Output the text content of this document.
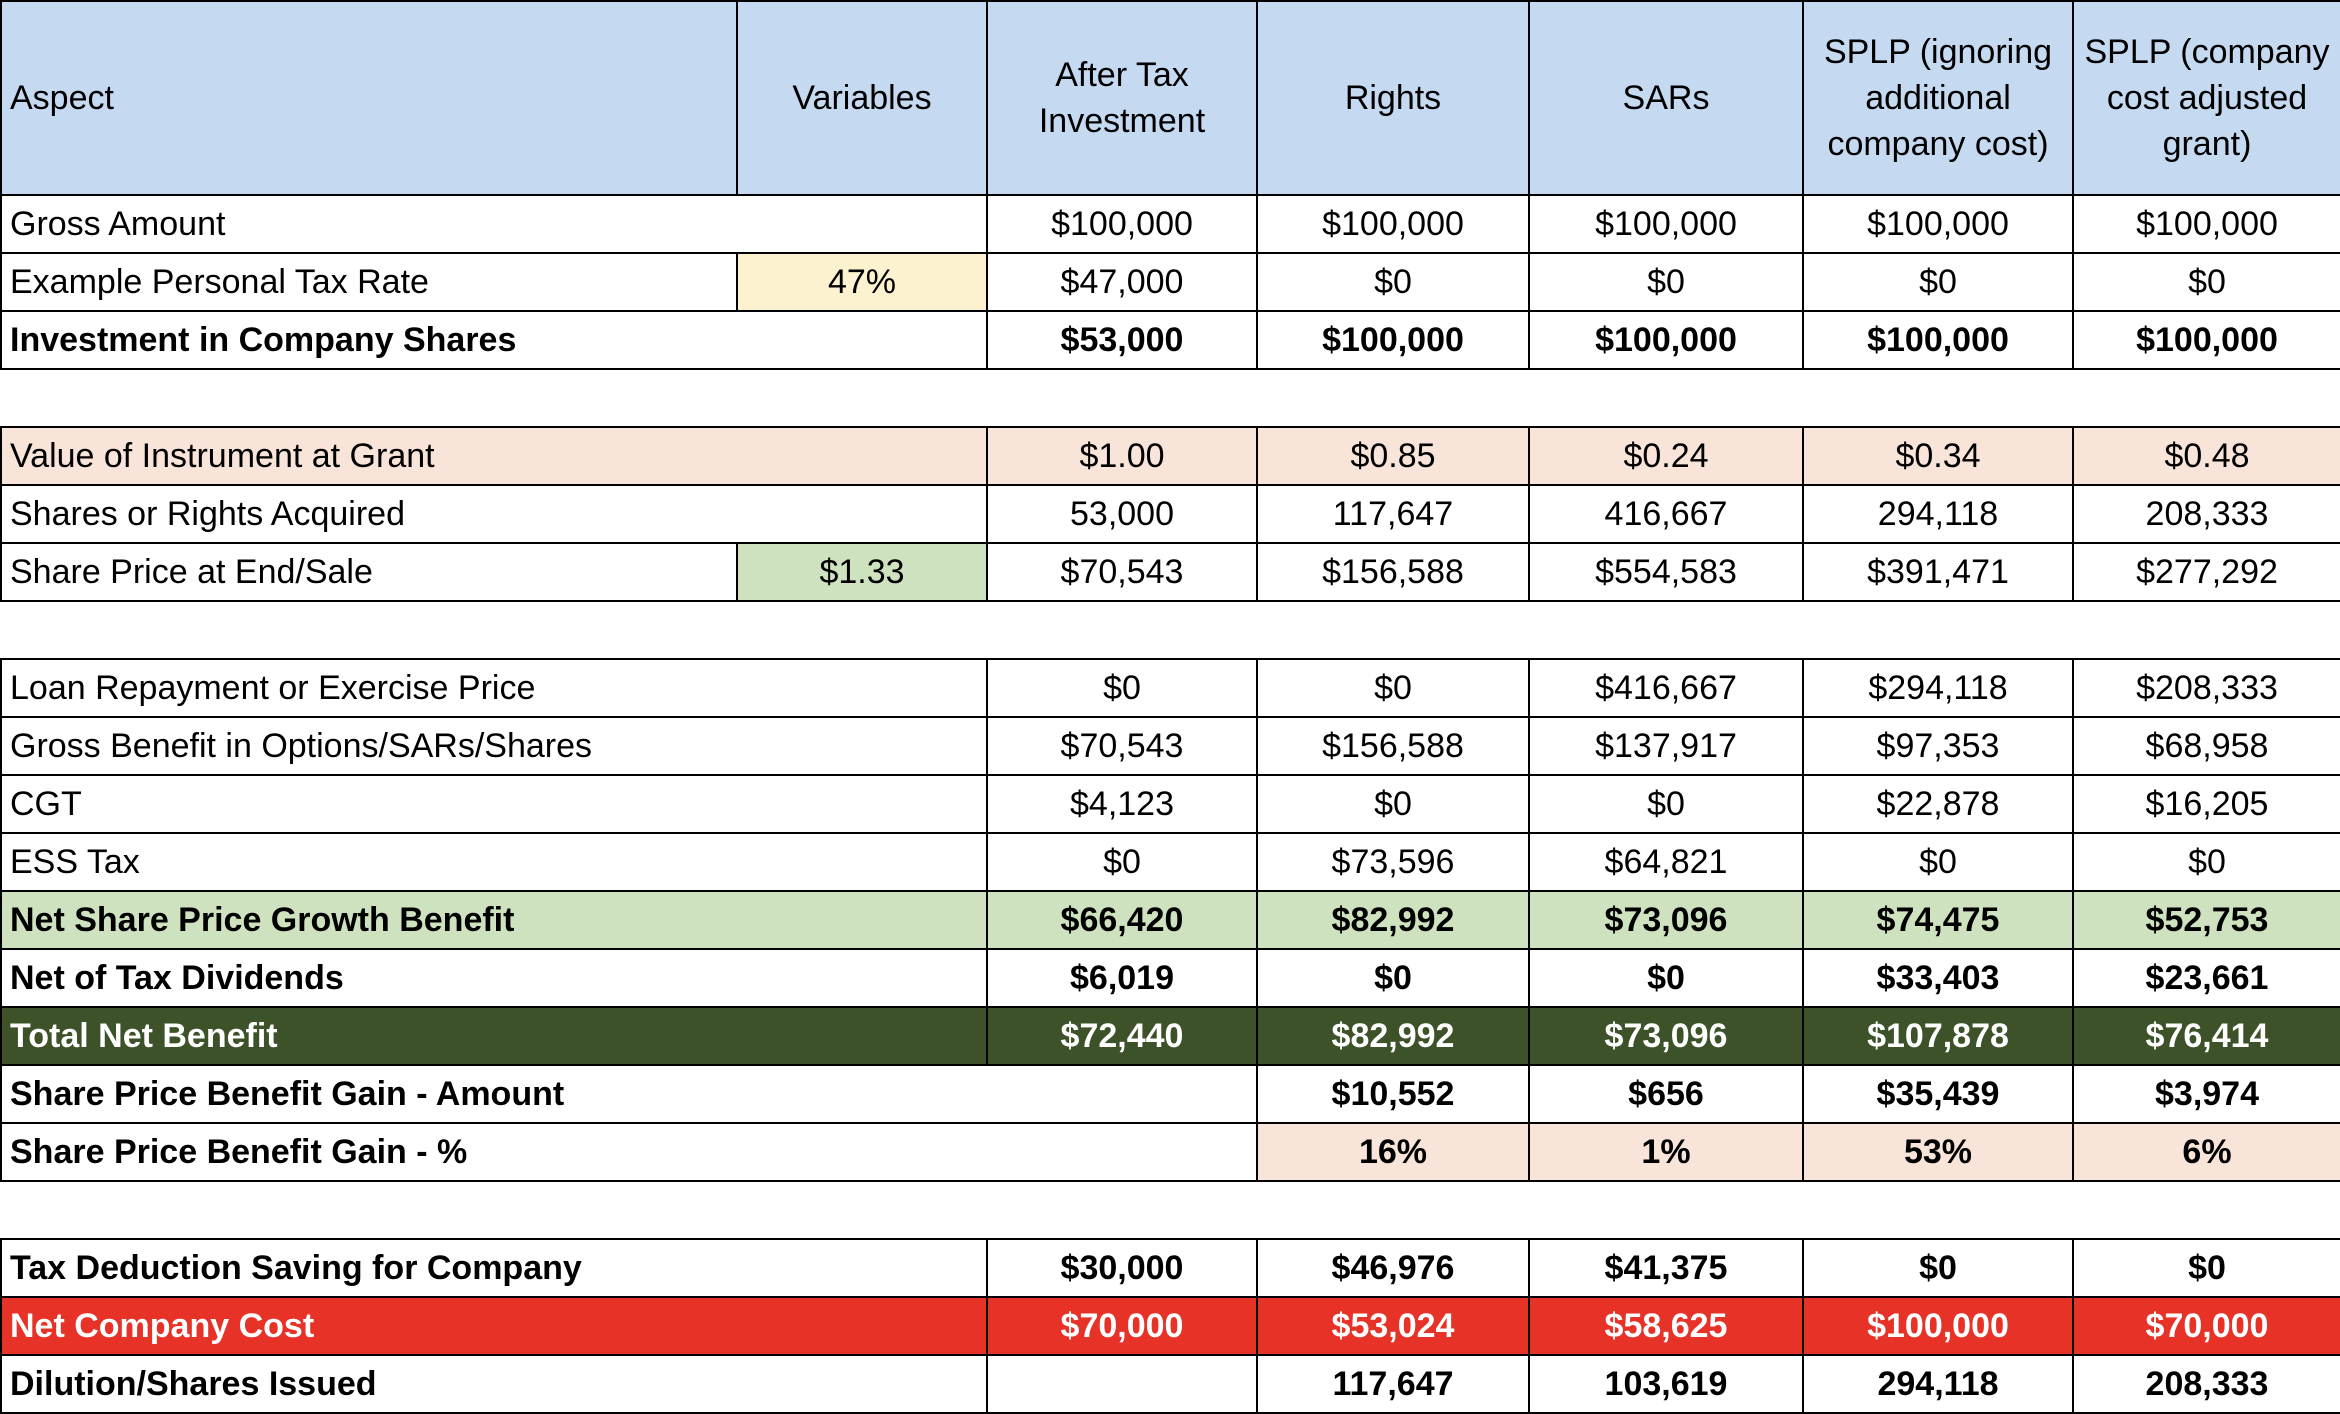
Aspect	Variables	After Tax Investment	Rights	SARs	SPLP (ignoring additional company cost)	SPLP (company cost adjusted grant)
Gross Amount		$100,000	$100,000	$100,000	$100,000	$100,000
Example Personal Tax Rate	47%	$47,000	$0	$0	$0	$0
Investment in Company Shares		$53,000	$100,000	$100,000	$100,000	$100,000

Value of Instrument at Grant		$1.00	$0.85	$0.24	$0.34	$0.48
Shares or Rights Acquired		53,000	117,647	416,667	294,118	208,333
Share Price at End/Sale	$1.33	$70,543	$156,588	$554,583	$391,471	$277,292

Loan Repayment or Exercise Price		$0	$0	$416,667	$294,118	$208,333
Gross Benefit in Options/SARs/Shares		$70,543	$156,588	$137,917	$97,353	$68,958
CGT		$4,123	$0	$0	$22,878	$16,205
ESS Tax		$0	$73,596	$64,821	$0	$0
Net Share Price Growth Benefit		$66,420	$82,992	$73,096	$74,475	$52,753
Net of Tax Dividends		$6,019	$0	$0	$33,403	$23,661
Total Net Benefit		$72,440	$82,992	$73,096	$107,878	$76,414
Share Price Benefit Gain - Amount			$10,552	$656	$35,439	$3,974
Share Price Benefit Gain - %			16%	1%	53%	6%

Tax Deduction Saving for Company		$30,000	$46,976	$41,375	$0	$0
Net Company Cost		$70,000	$53,024	$58,625	$100,000	$70,000
Dilution/Shares Issued			117,647	103,619	294,118	208,333
